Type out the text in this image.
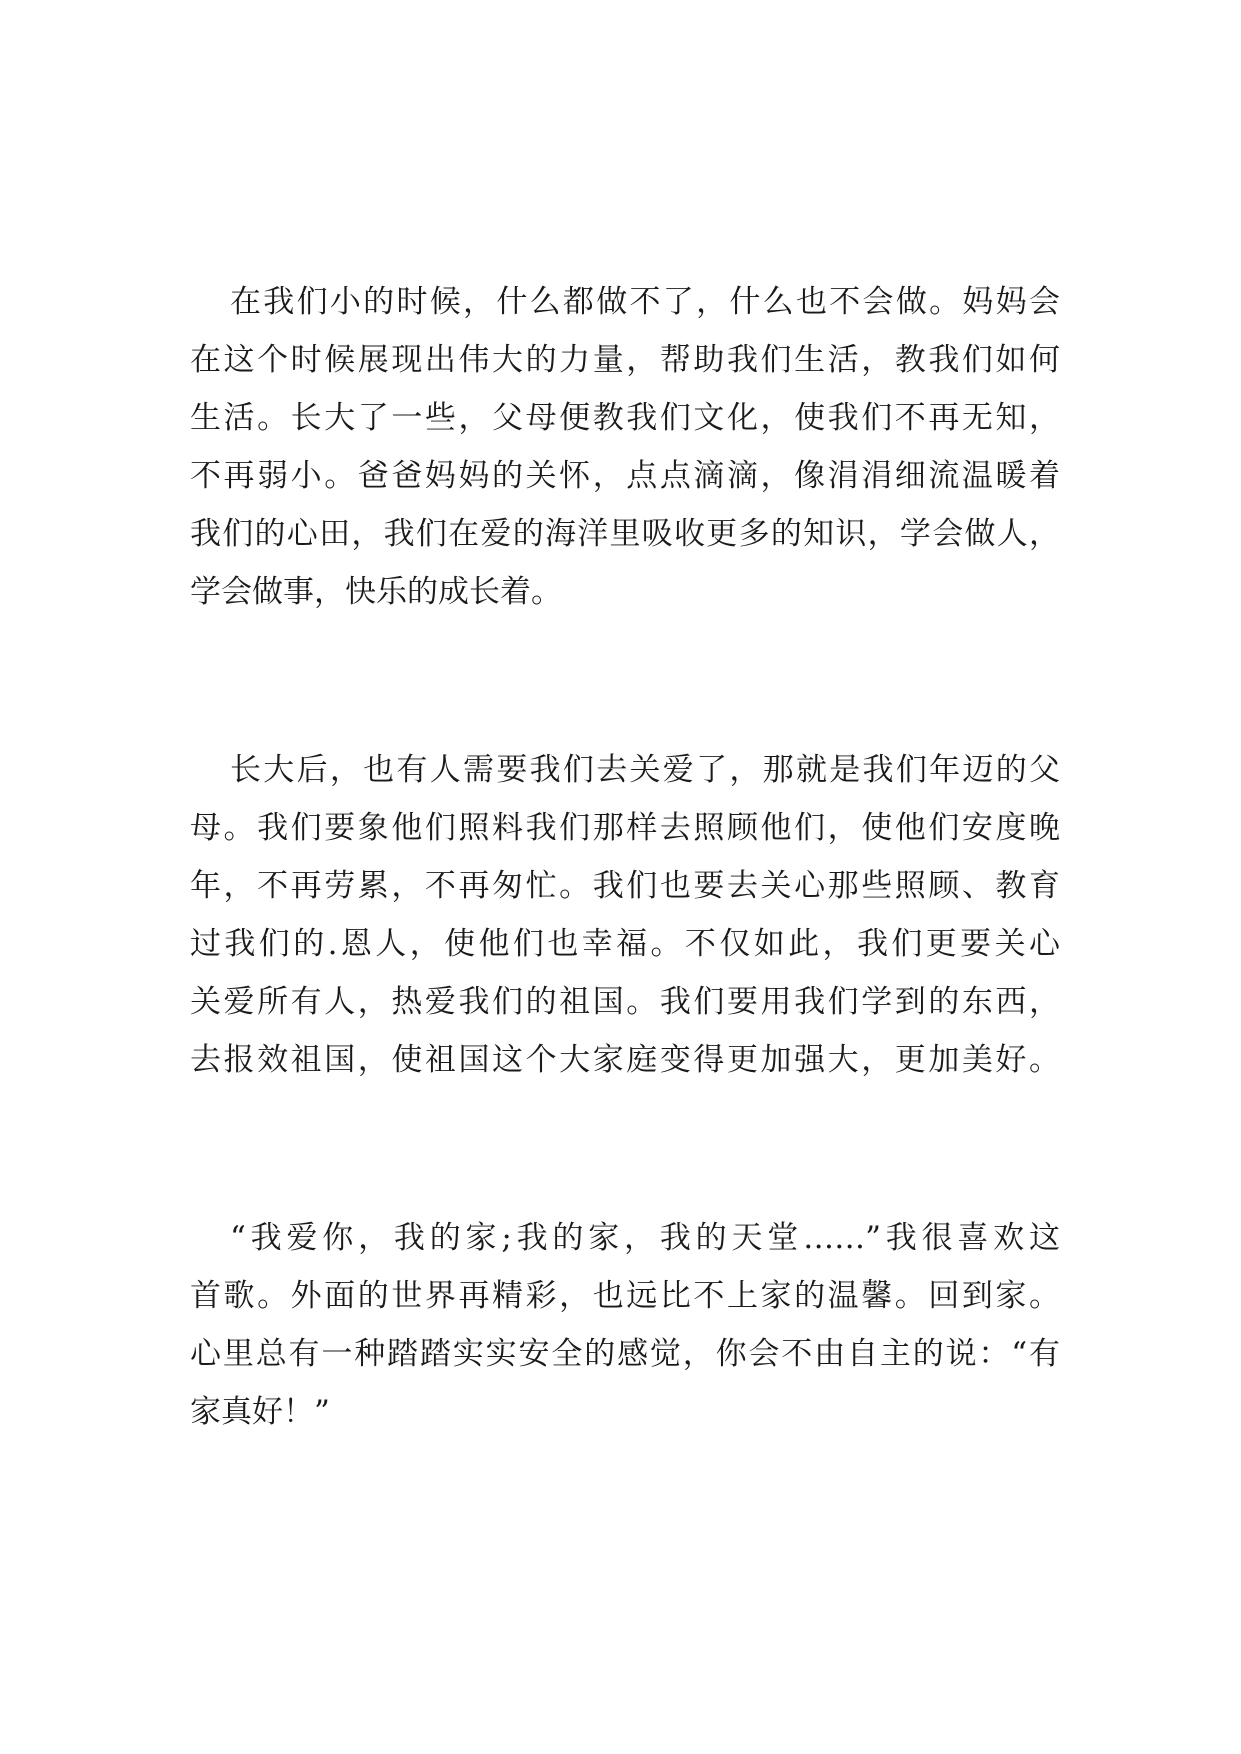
在我们小的时候，什么都做不了，什么也不会做。妈妈会
在这个时候展现出伟大的力量，帮助我们生活，教我们如何
生活。长大了一些，父母便教我们文化，使我们不再无知，
不再弱小。爸爸妈妈的关怀，点点滴滴，像涓涓细流温暖着
我们的心田，我们在爱的海洋里吸收更多的知识，学会做人，
学会做事，快乐的成长着。
长大后，也有人需要我们去关爱了，那就是我们年迈的父
母。我们要象他们照料我们那样去照顾他们，使他们安度晚
年，不再劳累，不再匆忙。我们也要去关心那些照顾、教育
过我们的.恩人，使他们也幸福。不仅如此，我们更要关心
关爱所有人，热爱我们的祖国。我们要用我们学到的东西，
去报效祖国，使祖国这个大家庭变得更加强大，更加美好。
“我爱你，我的家;我的家，我的天堂……”我很喜欢这
首歌。外面的世界再精彩，也远比不上家的温馨。回到家。
心里总有一种踏踏实实安全的感觉，你会不由自主的说：“有
家真好！”
